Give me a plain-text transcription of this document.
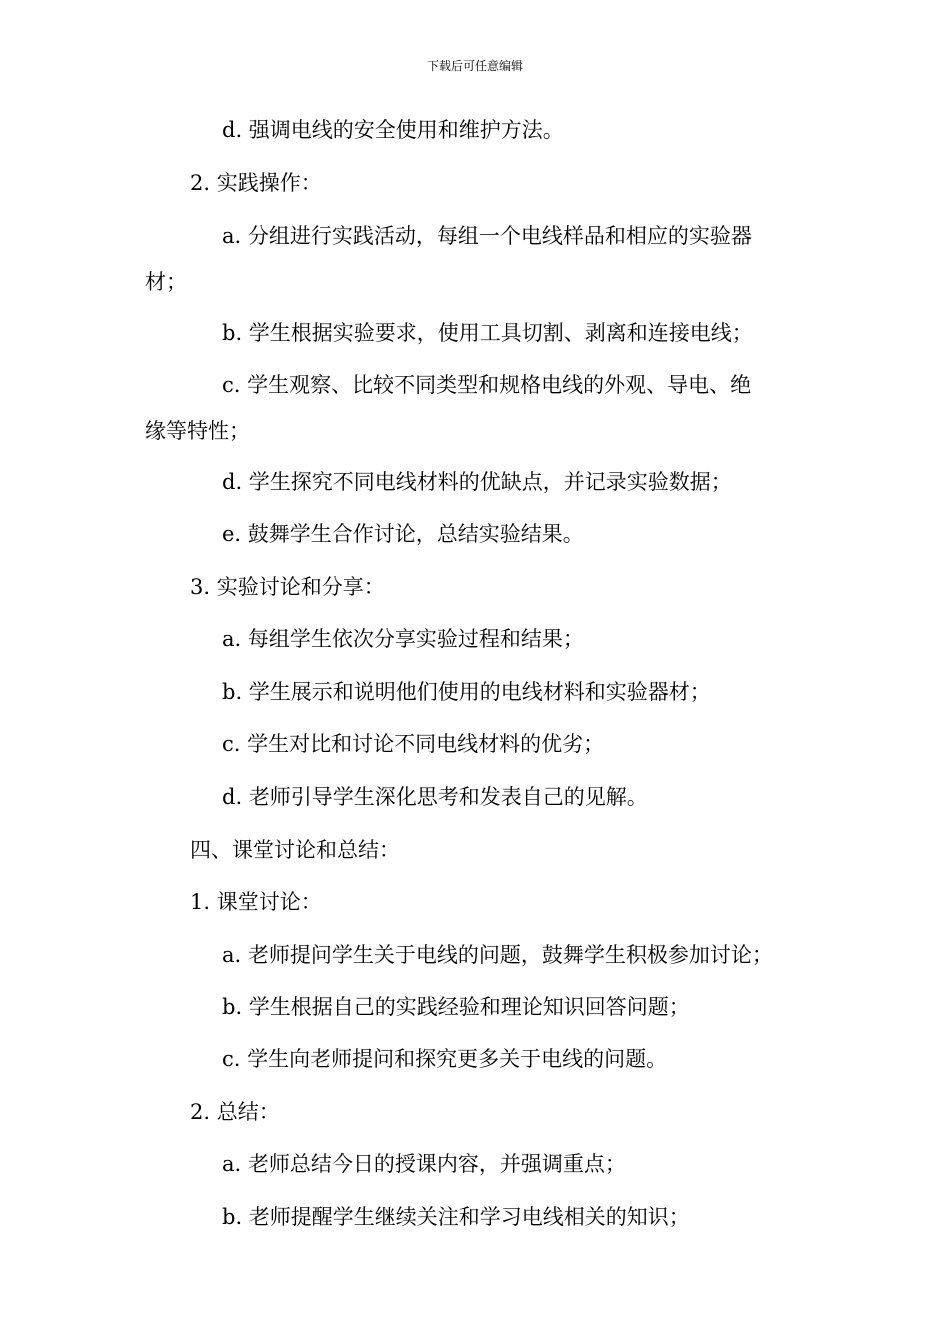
下载后可任意编辑
d. 强调电线的安全使用和维护方法。
2. 实践操作：
a. 分组进行实践活动，每组一个电线样品和相应的实验器
材；
b. 学生根据实验要求，使用工具切割、剥离和连接电线；
c. 学生观察、比较不同类型和规格电线的外观、导电、绝
缘等特性；
d. 学生探究不同电线材料的优缺点，并记录实验数据；
e. 鼓舞学生合作讨论，总结实验结果。
3. 实验讨论和分享：
a. 每组学生依次分享实验过程和结果；
b. 学生展示和说明他们使用的电线材料和实验器材；
c. 学生对比和讨论不同电线材料的优劣；
d. 老师引导学生深化思考和发表自己的见解。
四、课堂讨论和总结：
1. 课堂讨论：
a. 老师提问学生关于电线的问题，鼓舞学生积极参加讨论；
b. 学生根据自己的实践经验和理论知识回答问题；
c. 学生向老师提问和探究更多关于电线的问题。
2. 总结：
a. 老师总结今日的授课内容，并强调重点；
b. 老师提醒学生继续关注和学习电线相关的知识；
